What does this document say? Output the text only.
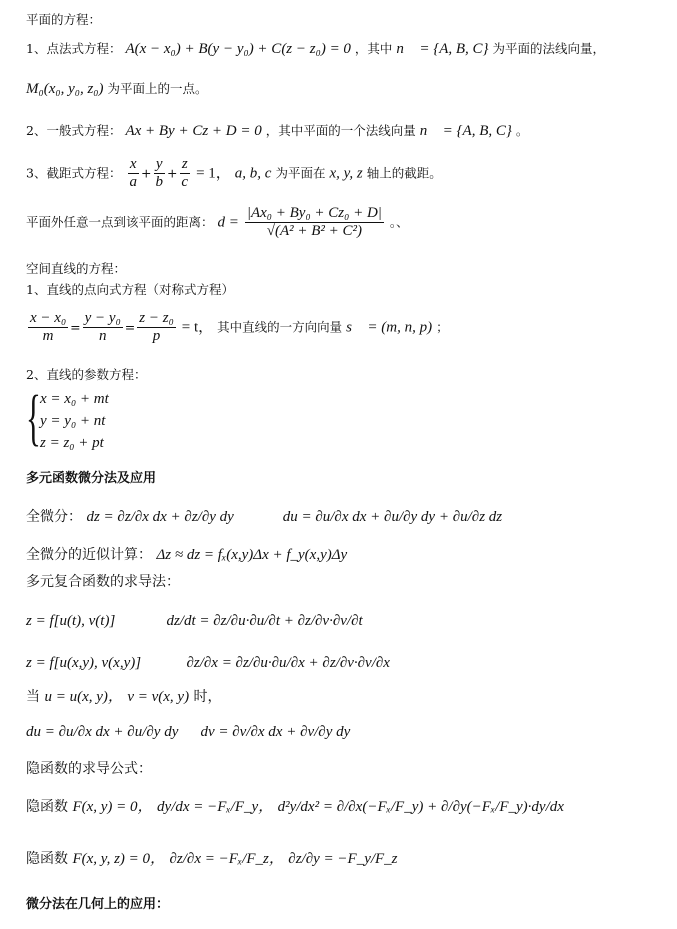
平面的方程：
1、点法式方程： A(x − x₀) + B(y − y₀) + C(z − z₀) = 0 ，其中 n⃗ = {A, B, C} 为平面的法线向量，
M₀(x₀, y₀, z₀) 为平面上的一点。
2、一般式方程： Ax + By + Cz + D = 0 ，其中平面的一个法线向量 n⃗ = {A, B, C} 。
3、截距式方程： $\frac{x}{a} + \frac{y}{b} + \frac{z}{c} = 1$， a, b, c 为平面在 x, y, z 轴上的截距。
平面外任意一点到该平面的距离： $d = \frac{\text{|Ax₀ + By₀ + Cz₀ + D|}}{\text{√(A² + B² + C²)}}$ 。、
空间直线的方程：
1、直线的点向式方程（对称式方程）
$\frac{\text{x − x₀}}{m} = \frac{\text{y − y₀}}{n} = \frac{\text{z − z₀}}{p} = t$， 其中直线的一方向向量 s⃗ = (m, n, p) ；
2、直线的参数方程：
{ x = x₀ + mt
y = y₀ + nt
z = z₀ + pt
多元函数微分法及应用
全微分： dz = ∂z/∂x dx + ∂z/∂y dy	du = ∂u/∂x dx + ∂u/∂y dy + ∂u/∂z dz
全微分的近似计算： Δz ≈ dz = fₓ(x,y)Δx + f_y(x,y)Δy
多元复合函数的求导法：
z = f[u(t), v(t)]	dz/dt = ∂z/∂u·∂u/∂t + ∂z/∂v·∂v/∂t
z = f[u(x,y), v(x,y)]	∂z/∂x = ∂z/∂u·∂u/∂x + ∂z/∂v·∂v/∂x
当 u = u(x, y)， v = v(x, y) 时，
du = ∂u/∂x dx + ∂u/∂y dy dv = ∂v/∂x dx + ∂v/∂y dy
隐函数的求导公式：
隐函数 F(x, y) = 0， dy/dx = −Fₓ/F_y， d²y/dx² = ∂/∂x(−Fₓ/F_y) + ∂/∂y(−Fₓ/F_y)·dy/dx
隐函数 F(x, y, z) = 0， ∂z/∂x = −Fₓ/F_z， ∂z/∂y = −F_y/F_z
微分法在几何上的应用：
